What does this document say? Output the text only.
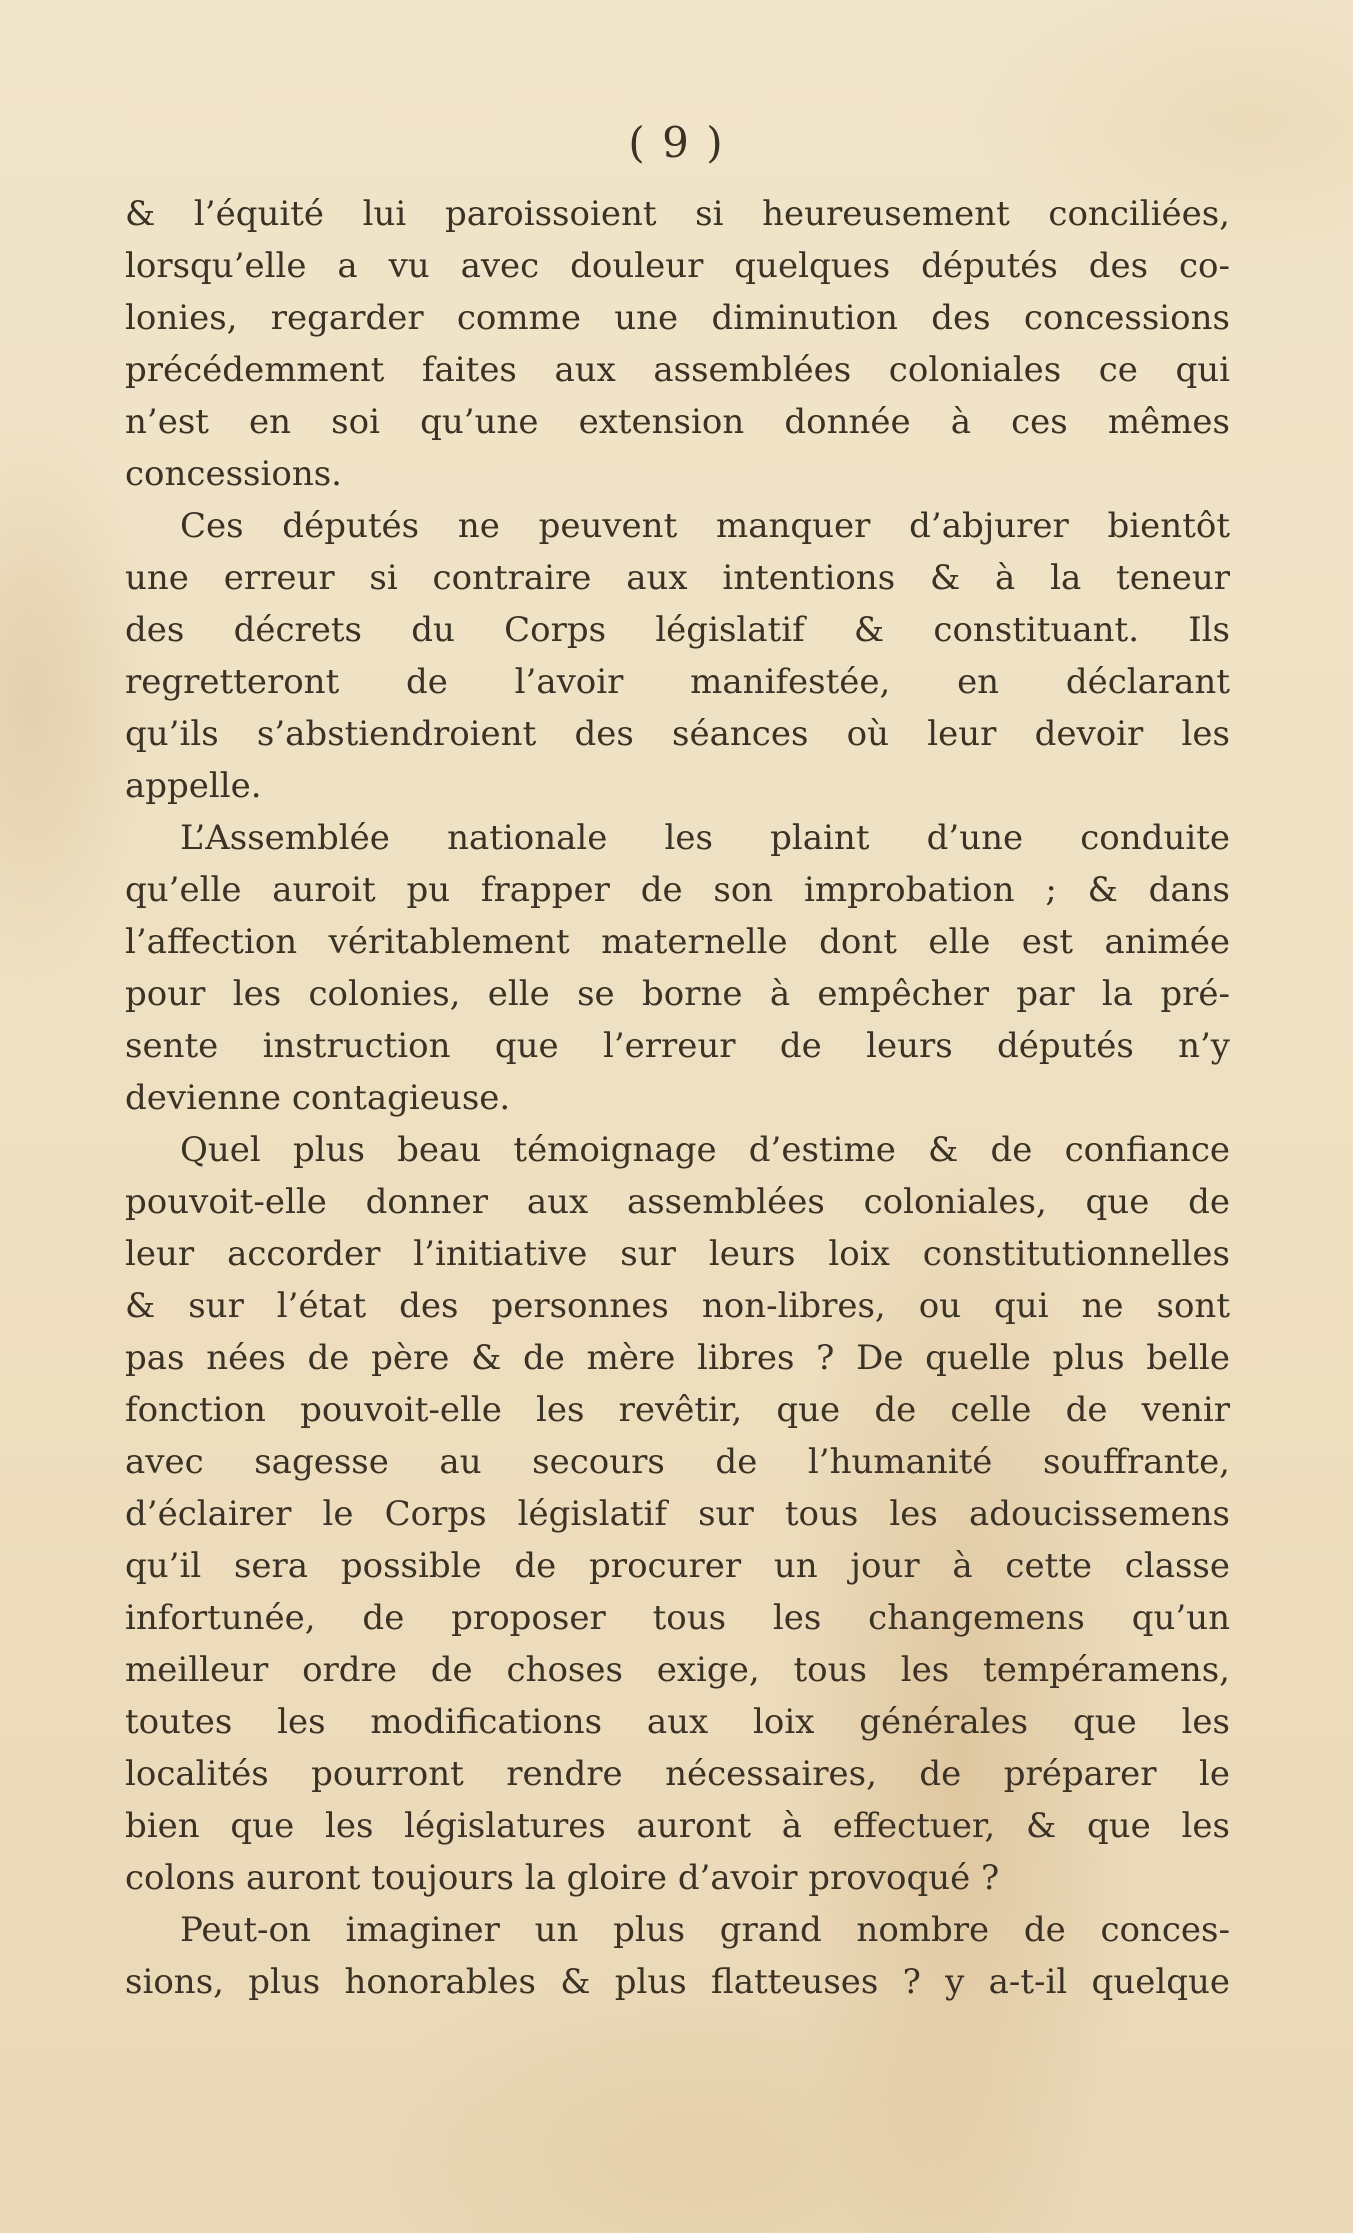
( 9 )
& l’équité lui paroissoient si heureusement conciliées,
lorsqu’elle a vu avec douleur quelques députés des co-
lonies, regarder comme une diminution des concessions
précédemment faites aux assemblées coloniales ce qui
n’est en soi qu’une extension donnée à ces mêmes
concessions.
Ces députés ne peuvent manquer d’abjurer bientôt
une erreur si contraire aux intentions & à la teneur
des décrets du Corps législatif & constituant. Ils
regretteront de l’avoir manifestée, en déclarant
qu’ils s’abstiendroient des séances où leur devoir les
appelle.
L’Assemblée nationale les plaint d’une conduite
qu’elle auroit pu frapper de son improbation ; & dans
l’affection véritablement maternelle dont elle est animée
pour les colonies, elle se borne à empêcher par la pré-
sente instruction que l’erreur de leurs députés n’y
devienne contagieuse.
Quel plus beau témoignage d’estime & de confiance
pouvoit-elle donner aux assemblées coloniales, que de
leur accorder l’initiative sur leurs loix constitutionnelles
& sur l’état des personnes non-libres, ou qui ne sont
pas nées de père & de mère libres ? De quelle plus belle
fonction pouvoit-elle les revêtir, que de celle de venir
avec sagesse au secours de l’humanité souffrante,
d’éclairer le Corps législatif sur tous les adoucissemens
qu’il sera possible de procurer un jour à cette classe
infortunée, de proposer tous les changemens qu’un
meilleur ordre de choses exige, tous les tempéramens,
toutes les modifications aux loix générales que les
localités pourront rendre nécessaires, de préparer le
bien que les législatures auront à effectuer, & que les
colons auront toujours la gloire d’avoir provoqué ?
Peut-on imaginer un plus grand nombre de conces-
sions, plus honorables & plus flatteuses ? y a-t-il quelque
